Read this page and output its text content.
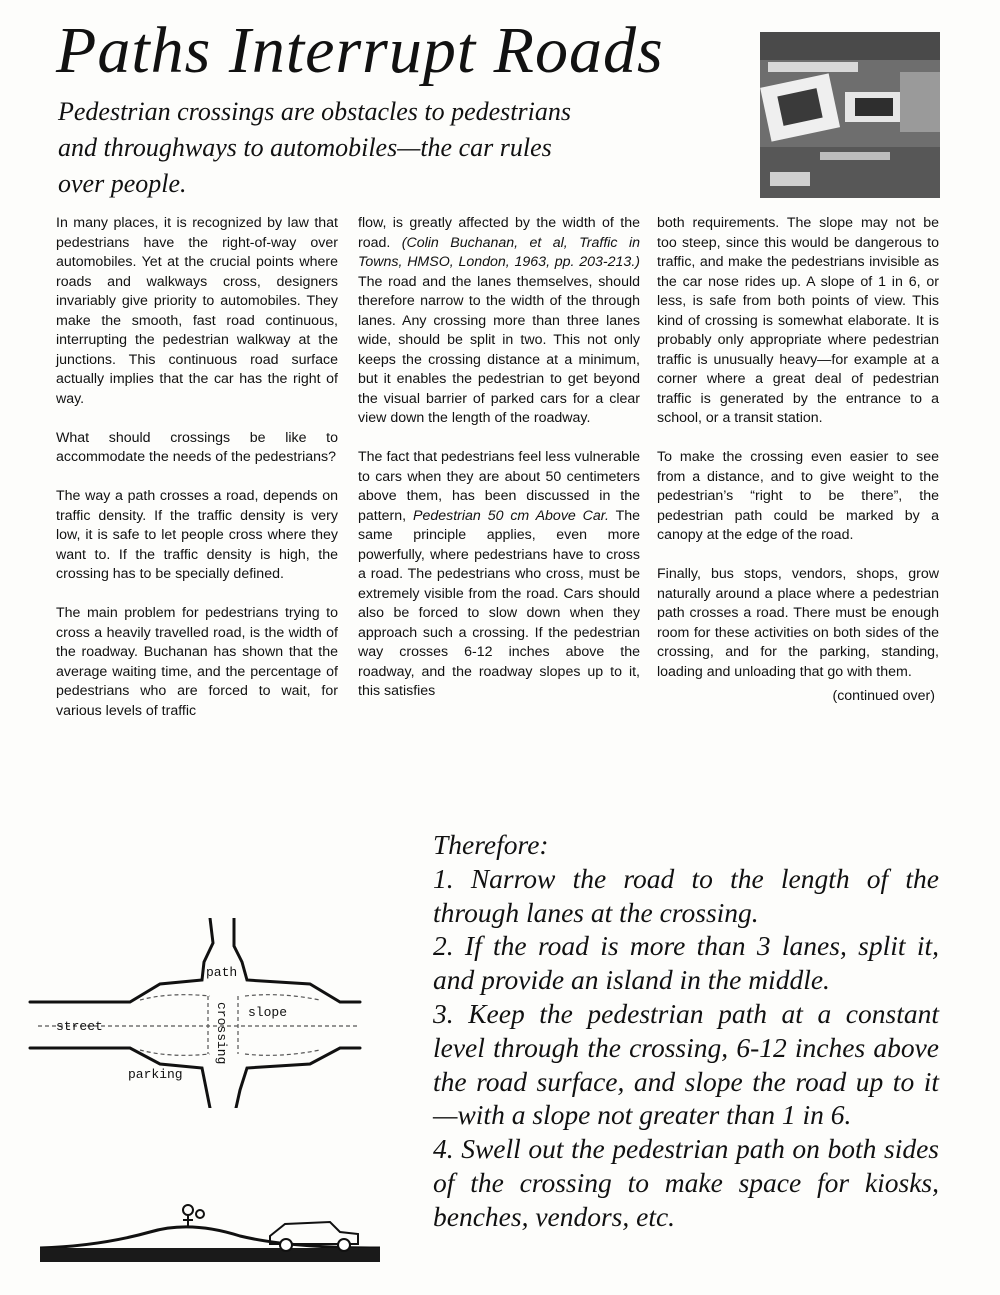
Paths Interrupt Roads
Pedestrian crossings are obstacles to pedestrians and throughways to automobiles—the car rules over people.

In many places, it is recognized by law that pedestrians have the right-of-way over automobiles. Yet at the crucial points where roads and walkways cross, designers invariably give priority to automobiles. They make the smooth, fast road continuous, interrupting the pedestrian walkway at the junctions. This continuous road surface actually implies that the car has the right of way.

What should crossings be like to accommodate the needs of the pedestrians?

The way a path crosses a road, depends on traffic density. If the traffic density is very low, it is safe to let people cross where they want to. If the traffic density is high, the crossing has to be specially defined.

The main problem for pedestrians trying to cross a heavily travelled road, is the width of the roadway. Buchanan has shown that the average waiting time, and the percentage of pedestrians who are forced to wait, for various levels of traffic

flow, is greatly affected by the width of the road. (Colin Buchanan, et al, Traffic in Towns, HMSO, London, 1963, pp. 203-213.) The road and the lanes themselves, should therefore narrow to the width of the through lanes. Any crossing more than three lanes wide, should be split in two. This not only keeps the crossing distance at a minimum, but it enables the pedestrian to get beyond the visual barrier of parked cars for a clear view down the length of the roadway.

The fact that pedestrians feel less vulnerable to cars when they are about 50 centimeters above them, has been discussed in the pattern, Pedestrian 50 cm Above Car. The same principle applies, even more powerfully, where pedestrians have to cross a road. The pedestrians who cross, must be extremely visible from the road. Cars should also be forced to slow down when they approach such a crossing. If the pedestrian way crosses 6-12 inches above the roadway, and the roadway slopes up to it, this satisfies

both requirements. The slope may not be too steep, since this would be dangerous to traffic, and make the pedestrians invisible as the car nose rides up. A slope of 1 in 6, or less, is safe from both points of view. This kind of crossing is somewhat elaborate. It is probably only appropriate where pedestrian traffic is unusually heavy—for example at a corner where a great deal of pedestrian traffic is generated by the entrance to a school, or a transit station.

To make the crossing even easier to see from a distance, and to give weight to the pedestrian’s “right to be there”, the pedestrian path could be marked by a canopy at the edge of the road.

Finally, bus stops, vendors, shops, grow naturally around a place where a pedestrian path crosses a road. There must be enough room for these activities on both sides of the crossing, and for the parking, standing, loading and unloading that go with them.

(continued over)
Therefore:
1. Narrow the road to the length of the through lanes at the crossing.
2. If the road is more than 3 lanes, split it, and provide an island in the middle.
3. Keep the pedestrian path at a constant level through the crossing, 6-12 inches above the road surface, and slope the road up to it—with a slope not greater than 1 in 6.
4. Swell out the pedestrian path on both sides of the crossing to make space for kiosks, benches, vendors, etc.
path
street
slope
crossing
parking
